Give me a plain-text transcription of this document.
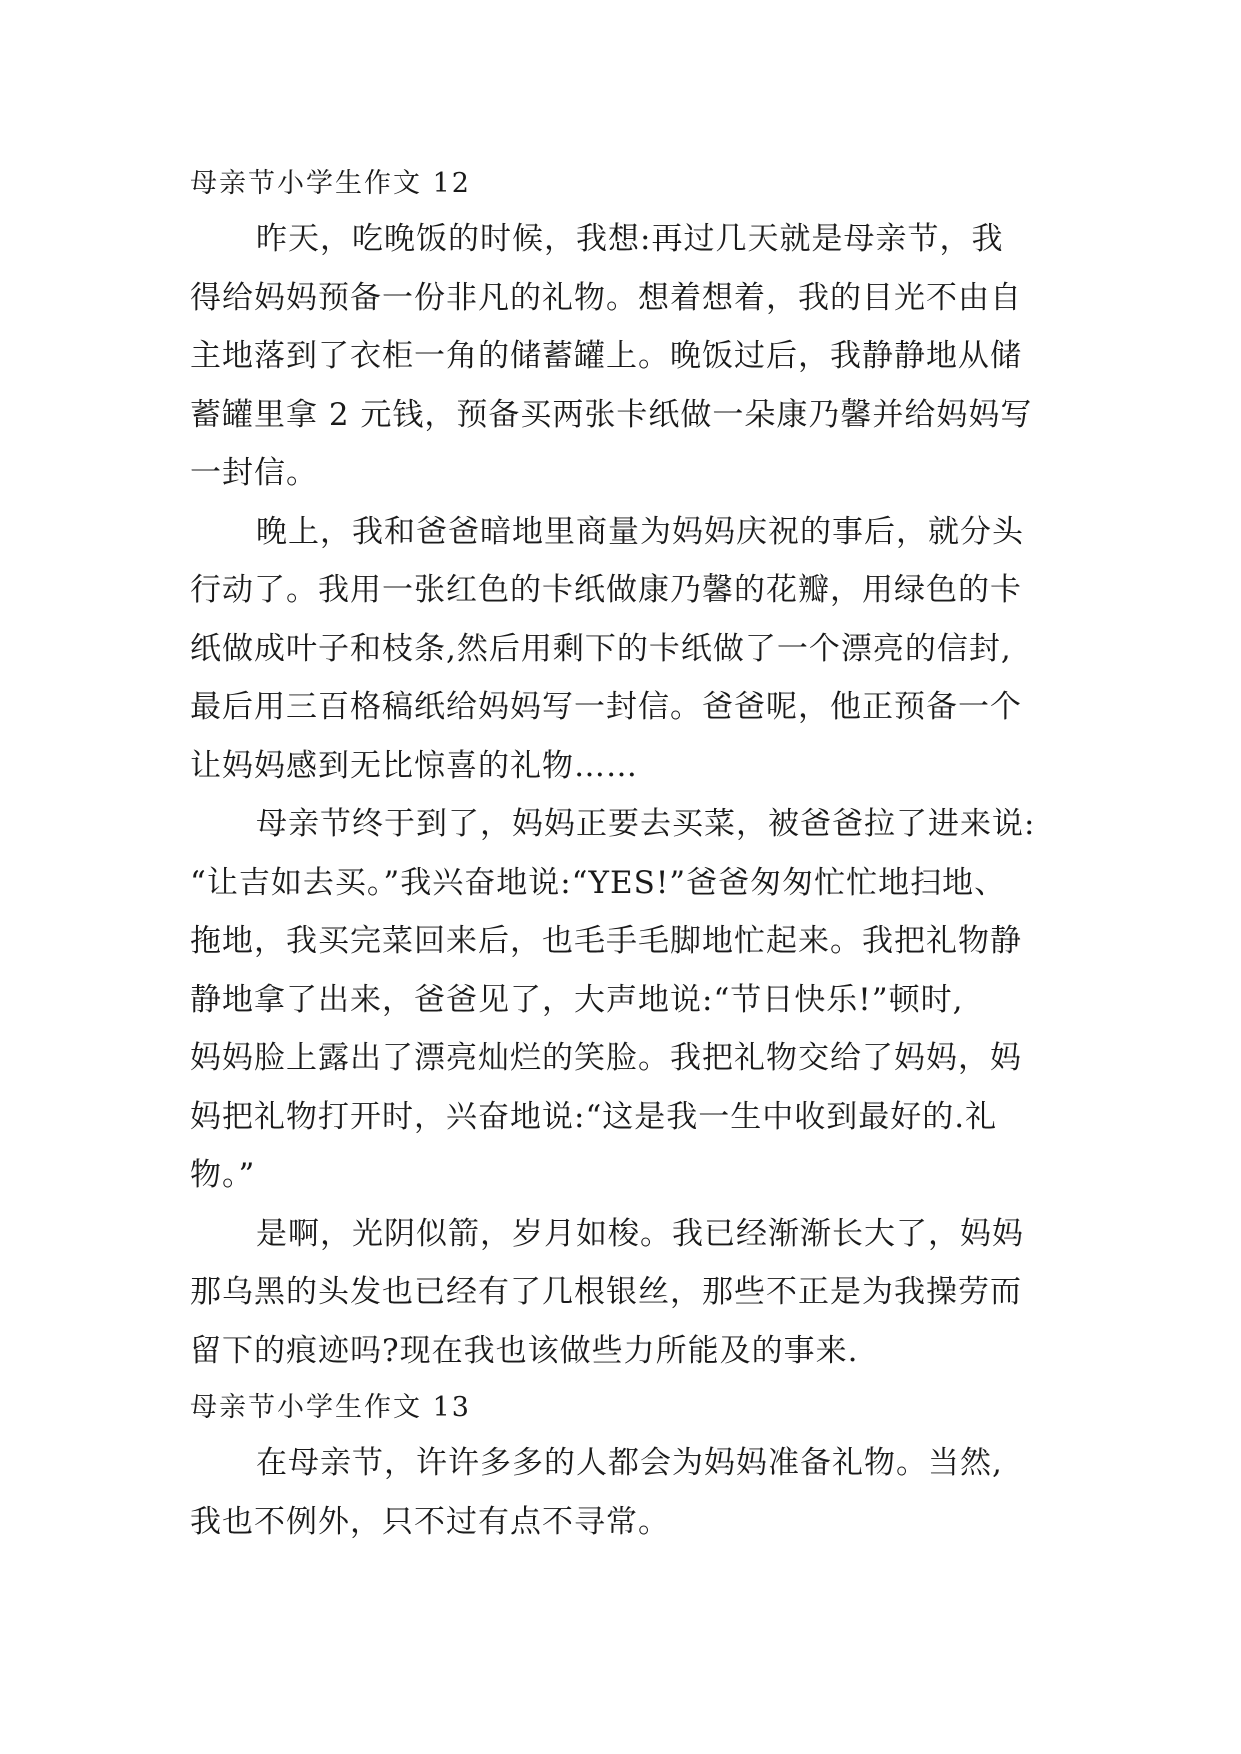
母亲节小学生作文 12

昨天，吃晚饭的时候，我想:再过几天就是母亲节，我

得给妈妈预备一份非凡的礼物。想着想着，我的目光不由自

主地落到了衣柜一角的储蓄罐上。晚饭过后，我静静地从储

蓄罐里拿 2 元钱，预备买两张卡纸做一朵康乃馨并给妈妈写

一封信。

晚上，我和爸爸暗地里商量为妈妈庆祝的事后，就分头

行动了。我用一张红色的卡纸做康乃馨的花瓣，用绿色的卡

纸做成叶子和枝条,然后用剩下的卡纸做了一个漂亮的信封,

最后用三百格稿纸给妈妈写一封信。爸爸呢，他正预备一个

让妈妈感到无比惊喜的礼物……

母亲节终于到了，妈妈正要去买菜，被爸爸拉了进来说:

“让吉如去买。”我兴奋地说:“YES!”爸爸匆匆忙忙地扫地、

拖地，我买完菜回来后，也毛手毛脚地忙起来。我把礼物静

静地拿了出来，爸爸见了，大声地说:“节日快乐!”顿时,

妈妈脸上露出了漂亮灿烂的笑脸。我把礼物交给了妈妈，妈

妈把礼物打开时，兴奋地说:“这是我一生中收到最好的.礼

物。”

是啊，光阴似箭，岁月如梭。我已经渐渐长大了，妈妈

那乌黑的头发也已经有了几根银丝，那些不正是为我操劳而

留下的痕迹吗?现在我也该做些力所能及的事来.

母亲节小学生作文 13

在母亲节，许许多多的人都会为妈妈准备礼物。当然,

我也不例外，只不过有点不寻常。
